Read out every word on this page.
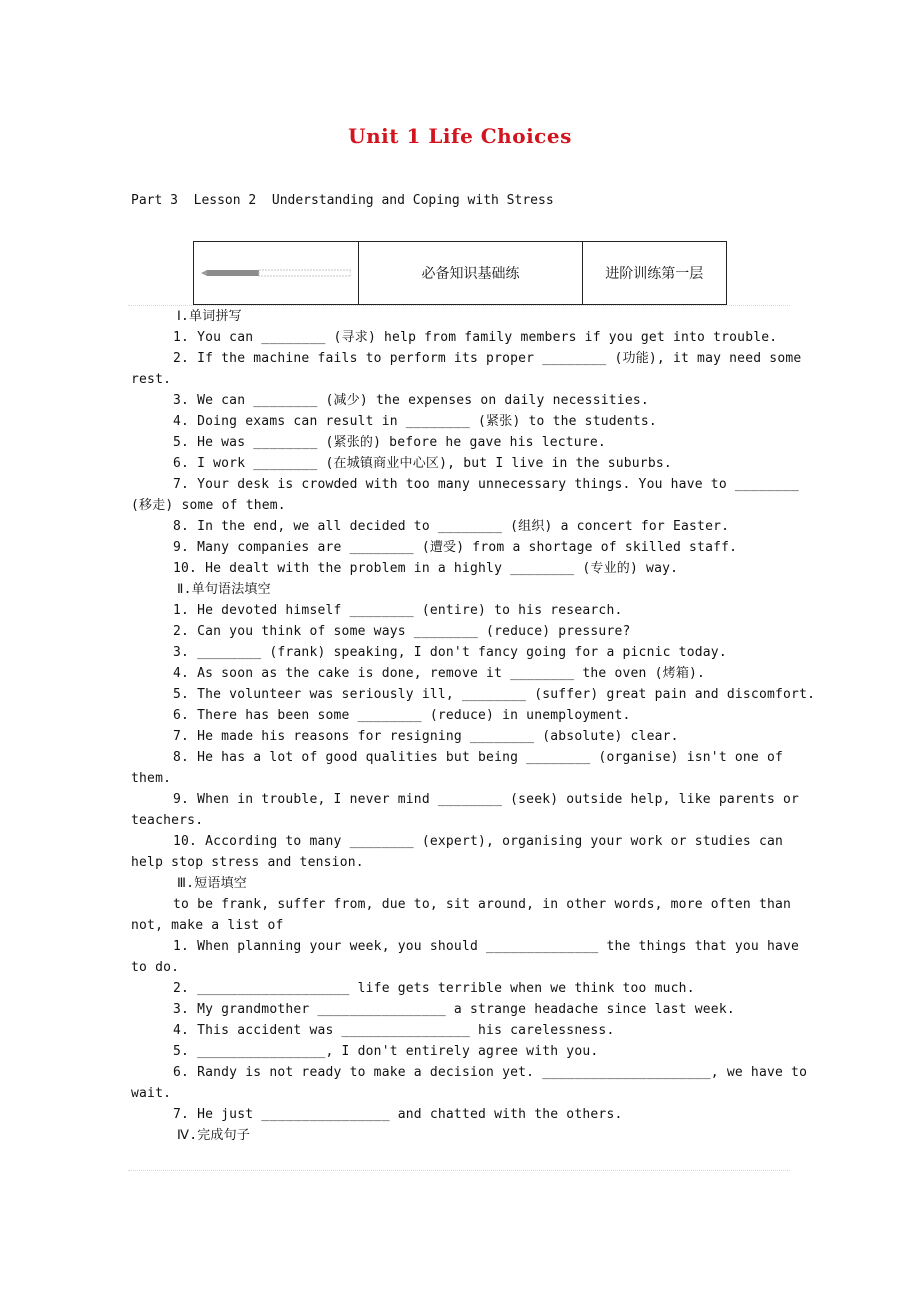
Unit 1 Life Choices
Part 3  Lesson 2  Understanding and Coping with Stress
必备知识基础练	进阶训练第一层

Ⅰ.单词拼写

1. You can ________ (寻求) help from family members if you get into trouble.

2. If the machine fails to perform its proper ________ (功能), it may need some rest.

3. We can ________ (减少) the expenses on daily necessities.

4. Doing exams can result in ________ (紧张) to the students.

5. He was ________ (紧张的) before he gave his lecture.

6. I work ________ (在城镇商业中心区), but I live in the suburbs.

7. Your desk is crowded with too many unnecessary things. You have to ________ (移走) some of them.

8. In the end, we all decided to ________ (组织) a concert for Easter.

9. Many companies are ________ (遭受) from a shortage of skilled staff.

10. He dealt with the problem in a highly ________ (专业的) way.

Ⅱ.单句语法填空

1. He devoted himself ________ (entire) to his research.

2. Can you think of some ways ________ (reduce) pressure?

3. ________ (frank) speaking, I don't fancy going for a picnic today.

4. As soon as the cake is done, remove it ________ the oven (烤箱).

5. The volunteer was seriously ill, ________ (suffer) great pain and discomfort.

6. There has been some ________ (reduce) in unemployment.

7. He made his reasons for resigning ________ (absolute) clear.

8. He has a lot of good qualities but being ________ (organise) isn't one of them.

9. When in trouble, I never mind ________ (seek) outside help, like parents or teachers.

10. According to many ________ (expert), organising your work or studies can help stop stress and tension.

Ⅲ.短语填空

to be frank, suffer from, due to, sit around, in other words, more often than not, make a list of

1. When planning your week, you should ______________ the things that you have to do.

2. ___________________ life gets terrible when we think too much.

3. My grandmother ________________ a strange headache since last week.

4. This accident was ________________ his carelessness.

5. ________________, I don't entirely agree with you.

6. Randy is not ready to make a decision yet. _____________________, we have to wait.

7. He just ________________ and chatted with the others.

Ⅳ.完成句子
